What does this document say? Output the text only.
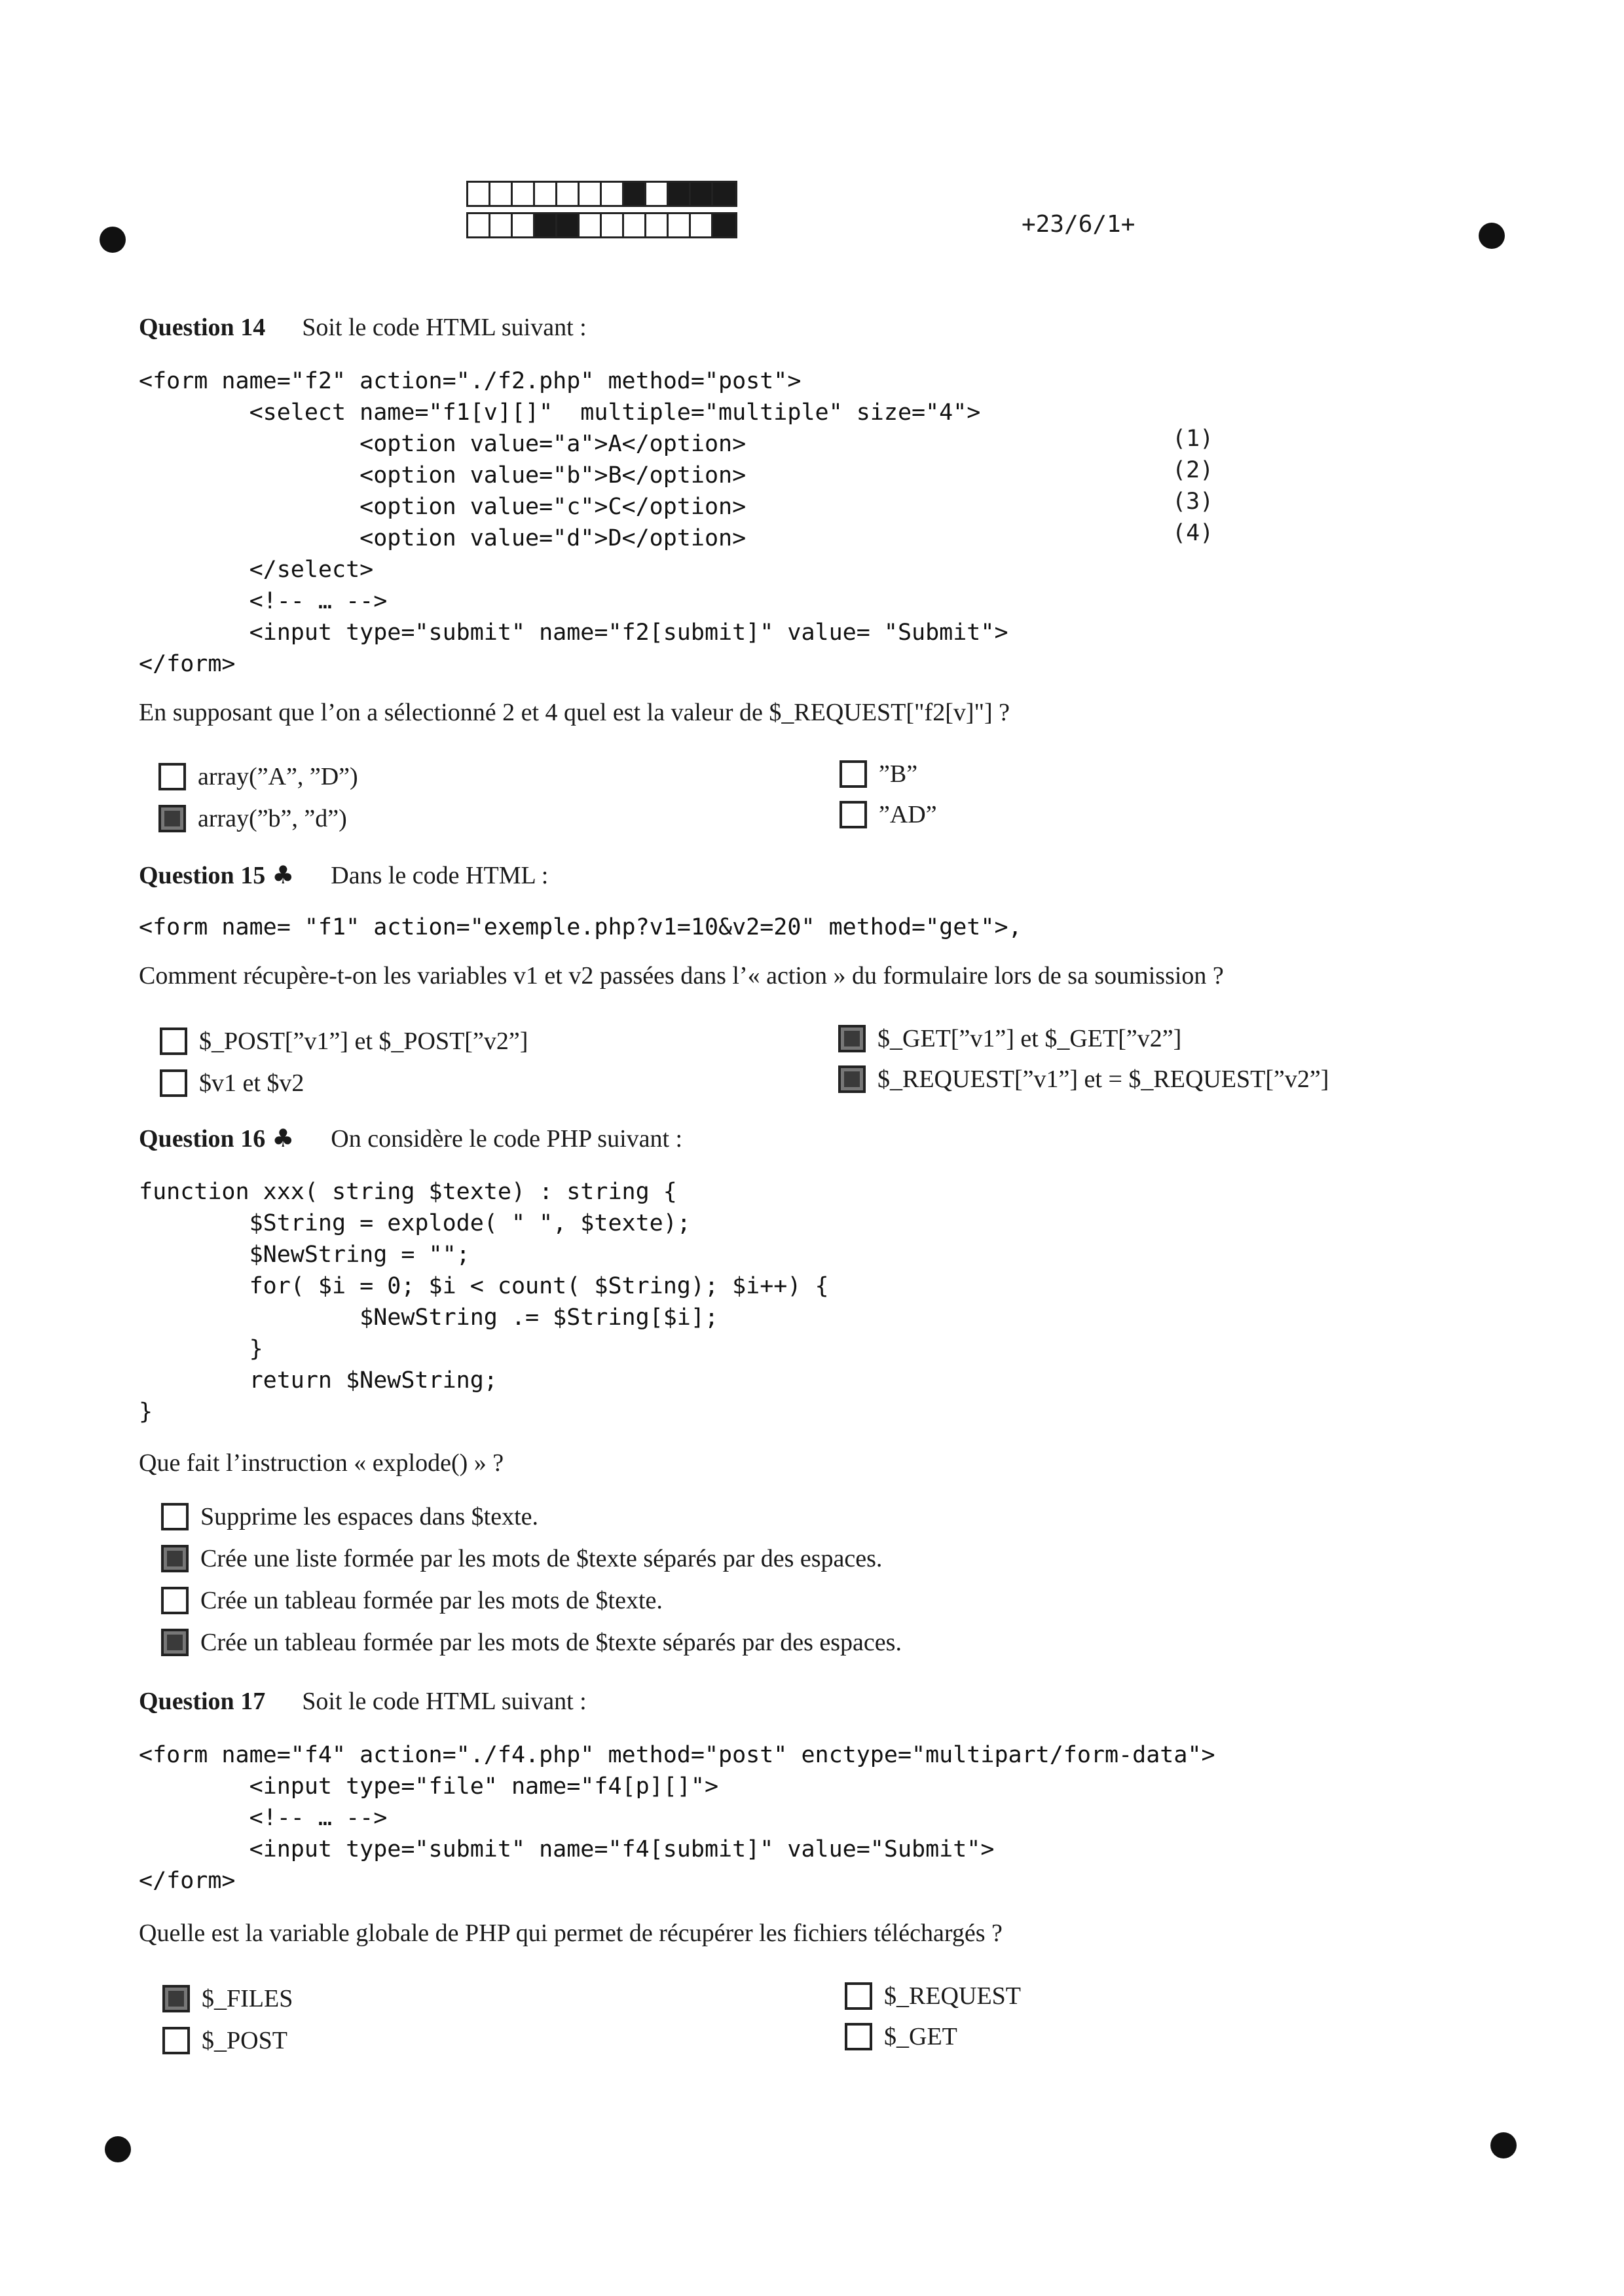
+23/6/1+
Question 14 Soit le code HTML suivant :
<form name="f2" action="./f2.php" method="post">
<select name="f1[v][]"  multiple="multiple" size="4">
<option value="a">A</option>
<option value="b">B</option>
<option value="c">C</option>
<option value="d">D</option>
</select>
<!-- … -->
<input type="submit" name="f2[submit]" value= "Submit">
</form>
(1)
(2)
(3)
(4)
En supposant que l’on a sélectionné 2 et 4 quel est la valeur de $_REQUEST["f2[v]"] ?
array(”A”, ”D”)
array(”b”, ”d”)
”B”
”AD”
Question 15 ♣ Dans le code HTML :
<form name= "f1" action="exemple.php?v1=10&v2=20" method="get">,
Comment récupère-t-on les variables v1 et v2 passées dans l’« action » du formulaire lors de sa soumission ?
$_POST[”v1”] et $_POST[”v2”]
$v1 et $v2
$_GET[”v1”] et $_GET[”v2”]
$_REQUEST[”v1”] et = $_REQUEST[”v2”]
Question 16 ♣ On considère le code PHP suivant :
function xxx( string $texte) : string {
$String = explode( " ", $texte);
$NewString = "";
for( $i = 0; $i < count( $String); $i++) {
$NewString .= $String[$i];
}
return $NewString;
}
Que fait l’instruction « explode() » ?
Supprime les espaces dans $texte.
Crée une liste formée par les mots de $texte séparés par des espaces.
Crée un tableau formée par les mots de $texte.
Crée un tableau formée par les mots de $texte séparés par des espaces.
Question 17 Soit le code HTML suivant :
<form name="f4" action="./f4.php" method="post" enctype="multipart/form-data">
<input type="file" name="f4[p][]">
<!-- … -->
<input type="submit" name="f4[submit]" value="Submit">
</form>
Quelle est la variable globale de PHP qui permet de récupérer les fichiers téléchargés ?
$_FILES
$_POST
$_REQUEST
$_GET
